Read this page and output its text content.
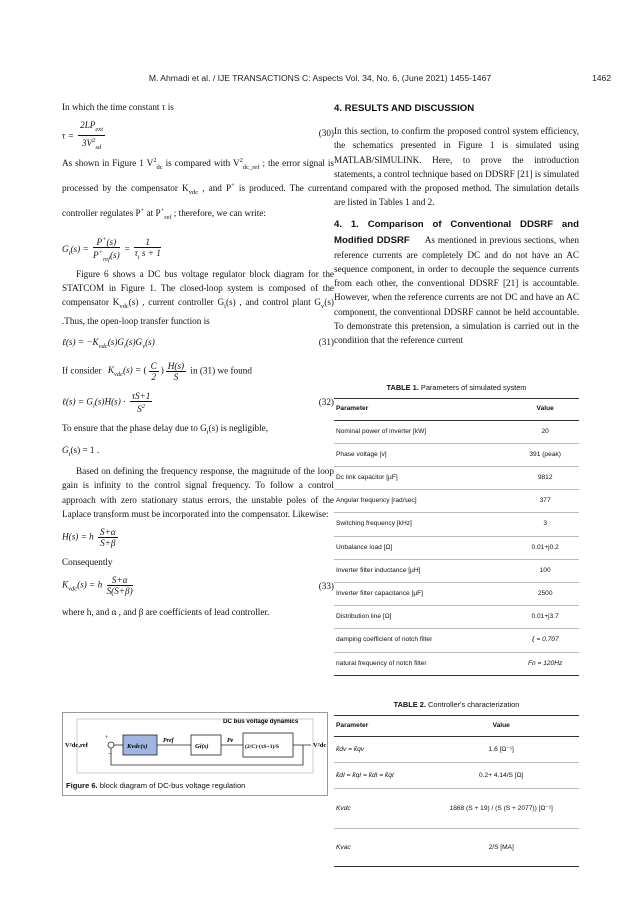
M. Ahmadi et al. / IJE TRANSACTIONS C: Aspects Vol. 34, No. 6, (June 2021) 1455-1467	1462

In which the time constant τ is

$\tau = \frac{2LP_{ext}}{3V^2_{sd}}$	(30)

As shown in Figure 1 $V^2_{dc}$ is compared with $V^2_{dc\_ref}$ ; the error signal is processed by the compensator $K_{vdc}$ , and P+ is produced. The current controller regulates P+ at $P^+_{ref}$ ; therefore, we can write:

$G_i(s) = \frac{P^+(s)}{P^+_{ref}(s)} = \frac{1}{\tau_i s + 1}$

Figure 6 shows a DC bus voltage regulator block diagram for the STATCOM in Figure 1. The closed-loop system is composed of the compensator $K_{vdc}(s)$ , current controller $G_i(s)$ , and control plant $G_v(s)$ .Thus, the open-loop transfer function is

ℓ(s) = $-K_{vdc}(s)G_i(s)G_v(s)$	(31)
If consider $K_{vdc}(s)$ = ( $\frac{C}{2}$ ) $\frac{H(s)}{S}$ in (31) we found
ℓ(s) = $G_i(s)H(s) \cdot \frac{\tau S+1}{S^2}$	(32)

To ensure that the phase delay due to $G_i(s)$ is negligible,
$G_i(s) = 1$ .

Based on defining the frequency response, the magnitude of the loop gain is infinity to the control signal frequency. To follow a control approach with zero stationary status errors, the unstable poles of the Laplace transform must be incorporated into the compensator. Likewise:

H(s) = h $\frac{S+\alpha}{S+\beta}$

Consequently

$K_{vdc}(s) = h \frac{S+\alpha}{S(S+\beta)}$	(33)

where h, and α , and β are coefficients of lead controller.

DC bus voltage dynamics
V²dc,ref
+
−
Kvdc(s)
Pref
Gi(s)
Pe
(2/C)·(τS+1)/S	V²dc
Figure 6. block diagram of DC-bus voltage regulation
4. RESULTS AND DISCUSSION

In this section, to confirm the proposed control system efficiency, the schematics presented in Figure 1 is simulated using MATLAB/SIMULINK. Here, to prove the introduction statements, a control technique based on DDSRF [21] is simulated and compared with the proposed method. The simulation details are listed in Tables 1 and 2.

4. 1. Comparison of Conventional DDSRF and Modified DDSRF As mentioned in previous sections, when reference currents are completely DC and do not have an AC sequence component, in order to decouple the sequence currents from each other, the conventional DDSRF [21] is accountable. However, when the reference currents are not DC and have an AC component, the conventional DDSRF cannot be held accountable. To demonstrate this pretension, a simulation is carried out in the condition that the reference current

TABLE 1. Parameters of simulated system
Parameter	Value
Nominal power of inverter [kW]	20
Phase voltage [v]	391 (peak)
Dc link capacitor [µF]	9812
Angular frequency [rad/sec]	377
Switching frequency [kHz]	3
Unbalance load [Ω]	0.01+j0.2
Inverter filter inductance [µH]	100
Inverter filter capacitance [µF]	2500
Distribution line [Ω]	0.01+j3.7
damping coefficient of notch filter	ξ = 0.707
natural frequency of notch filter	Fn = 120Hz
TABLE 2. Controller's characterization
Parameter	Value
k̄dv = k̄qv	1.6 [Ω⁻¹]
k̄dI = k̄qI = k̄dI = k̄qI	0.2+ 4.14/S [Ω]
Kvdc	1868 (S + 19) / (S (S + 2077)) [Ω⁻¹]
Kvac	2/S [MA]
